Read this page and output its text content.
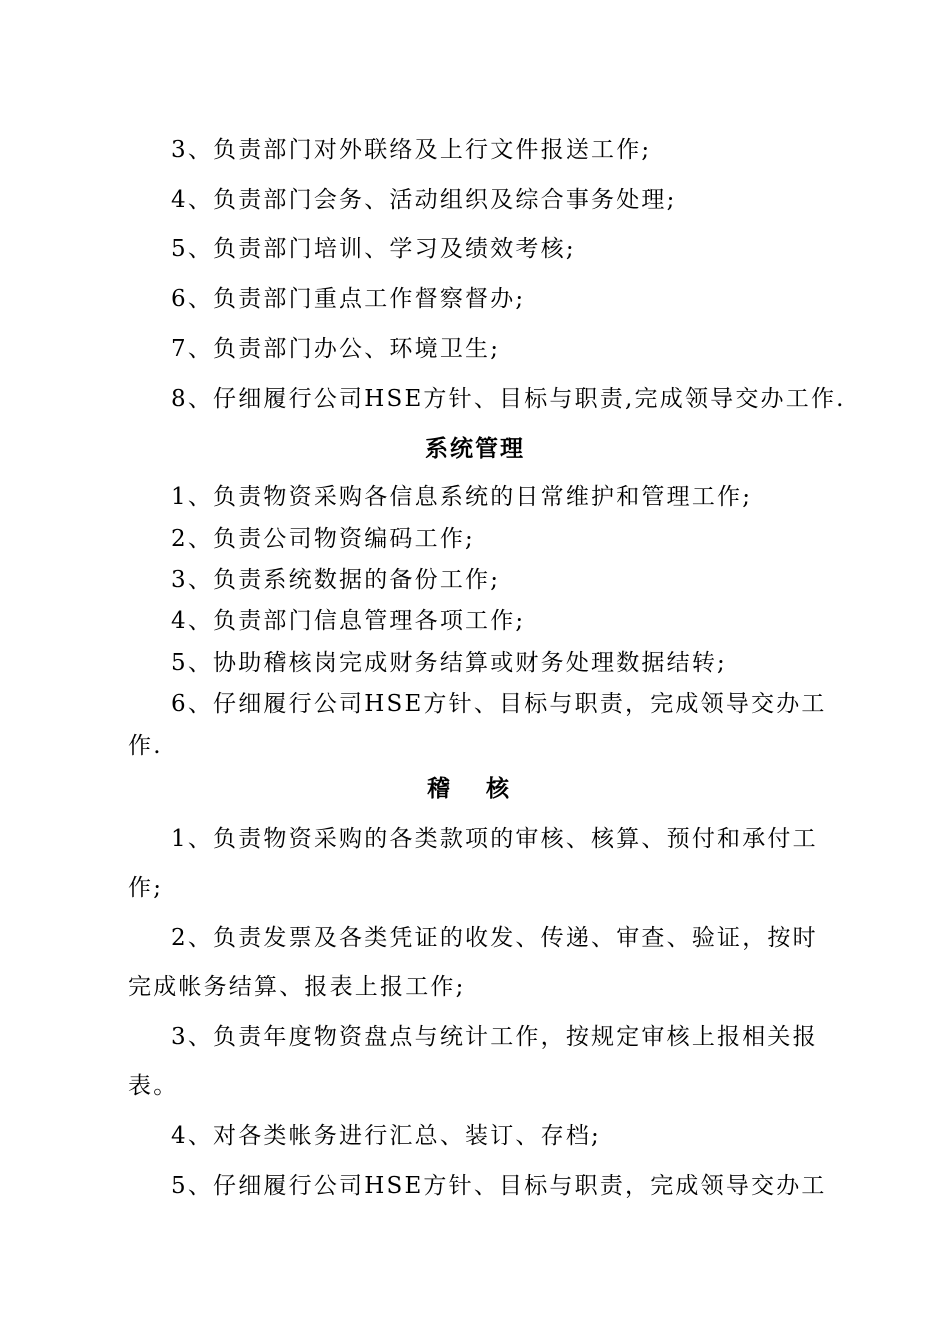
3、负责部门对外联络及上行文件报送工作;
4、负责部门会务、活动组织及综合事务处理;
5、负责部门培训、学习及绩效考核;
6、负责部门重点工作督察督办;
7、负责部门办公、环境卫生;
8、仔细履行公司HSE方针、目标与职责,完成领导交办工作.
系统管理
1、负责物资采购各信息系统的日常维护和管理工作;
2、负责公司物资编码工作;
3、负责系统数据的备份工作;
4、负责部门信息管理各项工作;
5、协助稽核岗完成财务结算或财务处理数据结转;
6、仔细履行公司HSE方针、目标与职责，完成领导交办工
作.
稽 核
1、负责物资采购的各类款项的审核、核算、预付和承付工
作;
2、负责发票及各类凭证的收发、传递、审查、验证，按时
完成帐务结算、报表上报工作;
3、负责年度物资盘点与统计工作，按规定审核上报相关报
表。
4、对各类帐务进行汇总、装订、存档;
5、仔细履行公司HSE方针、目标与职责，完成领导交办工
